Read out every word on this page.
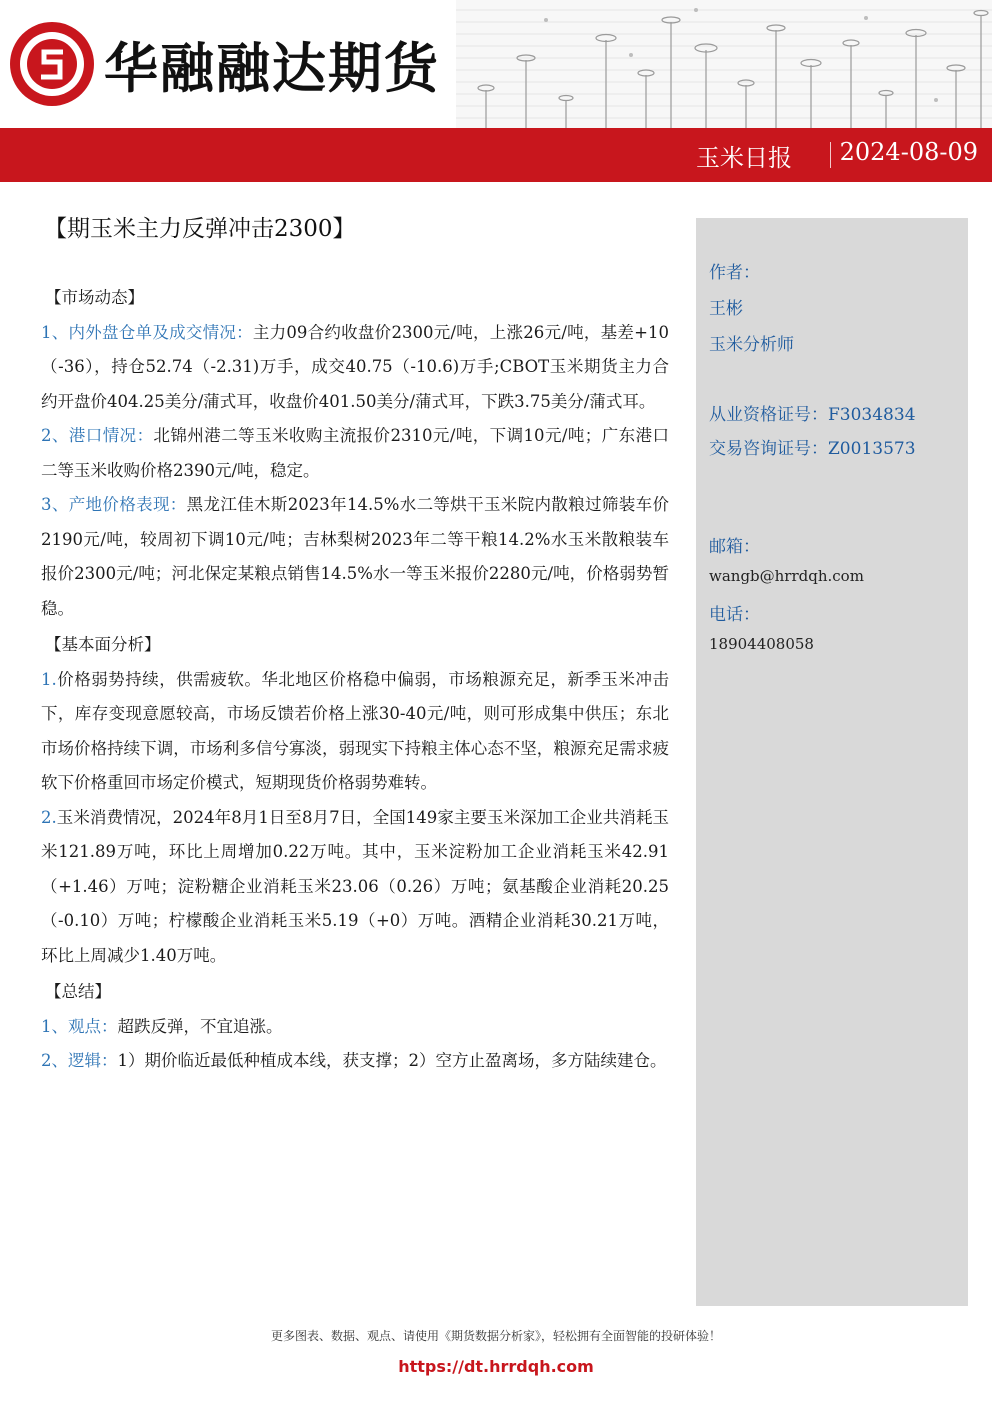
华融融达期货
玉米日报 2024-08-09
【期玉米主力反弹冲击2300】
作者：
王彬
玉米分析师
从业资格证号：F3034834
交易咨询证号：Z0013573
邮箱：
wangb@hrrdqh.com
电话：
18904408058

【市场动态】

1、内外盘仓单及成交情况：主力09合约收盘价2300元/吨，上涨26元/吨，基差+10（-36），持仓52.74（-2.31)万手，成交40.75（-10.6)万手;CBOT玉米期货主力合约开盘价404.25美分/蒲式耳，收盘价401.50美分/蒲式耳，下跌3.75美分/蒲式耳。

2、港口情况：北锦州港二等玉米收购主流报价2310元/吨，下调10元/吨；广东港口二等玉米收购价格2390元/吨，稳定。

3、产地价格表现：黑龙江佳木斯2023年14.5%水二等烘干玉米院内散粮过筛装车价2190元/吨，较周初下调10元/吨；吉林梨树2023年二等干粮14.2%水玉米散粮装车报价2300元/吨；河北保定某粮点销售14.5%水一等玉米报价2280元/吨，价格弱势暂稳。

【基本面分析】

1.价格弱势持续，供需疲软。华北地区价格稳中偏弱，市场粮源充足，新季玉米冲击下，库存变现意愿较高，市场反馈若价格上涨30-40元/吨，则可形成集中供压；东北市场价格持续下调，市场利多信兮寡淡，弱现实下持粮主体心态不坚，粮源充足需求疲软下价格重回市场定价模式，短期现货价格弱势难转。

2.玉米消费情况，2024年8月1日至8月7日，全国149家主要玉米深加工企业共消耗玉米121.89万吨，环比上周增加0.22万吨。其中，玉米淀粉加工企业消耗玉米42.91（+1.46）万吨；淀粉糖企业消耗玉米23.06（0.26）万吨；氨基酸企业消耗20.25（-0.10）万吨；柠檬酸企业消耗玉米5.19（+0）万吨。酒精企业消耗30.21万吨，环比上周减少1.40万吨。

【总结】

1、观点：超跌反弹，不宜追涨。

2、逻辑：1）期价临近最低种植成本线，获支撑；2）空方止盈离场，多方陆续建仓。

更多图表、数据、观点、请使用《期货数据分析家》，轻松拥有全面智能的投研体验！
https://dt.hrrdqh.com
